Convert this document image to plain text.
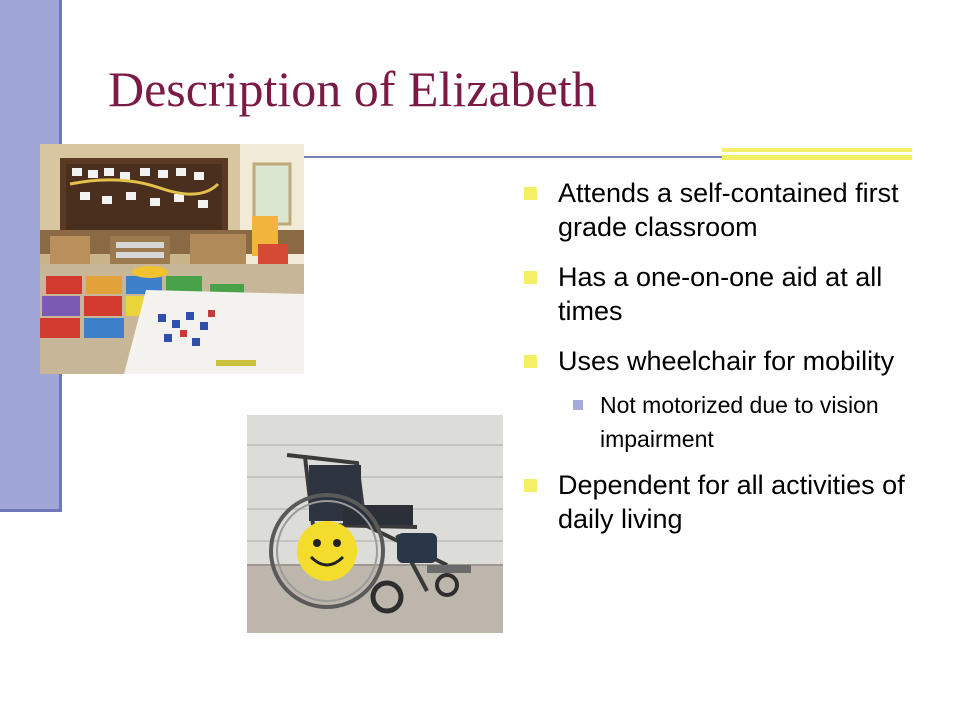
Description of Elizabeth
Attends a self-contained first grade classroom
Has a one-on-one aid at all times
Uses wheelchair for mobility
Not motorized due to vision impairment
Dependent for all activities of daily living
